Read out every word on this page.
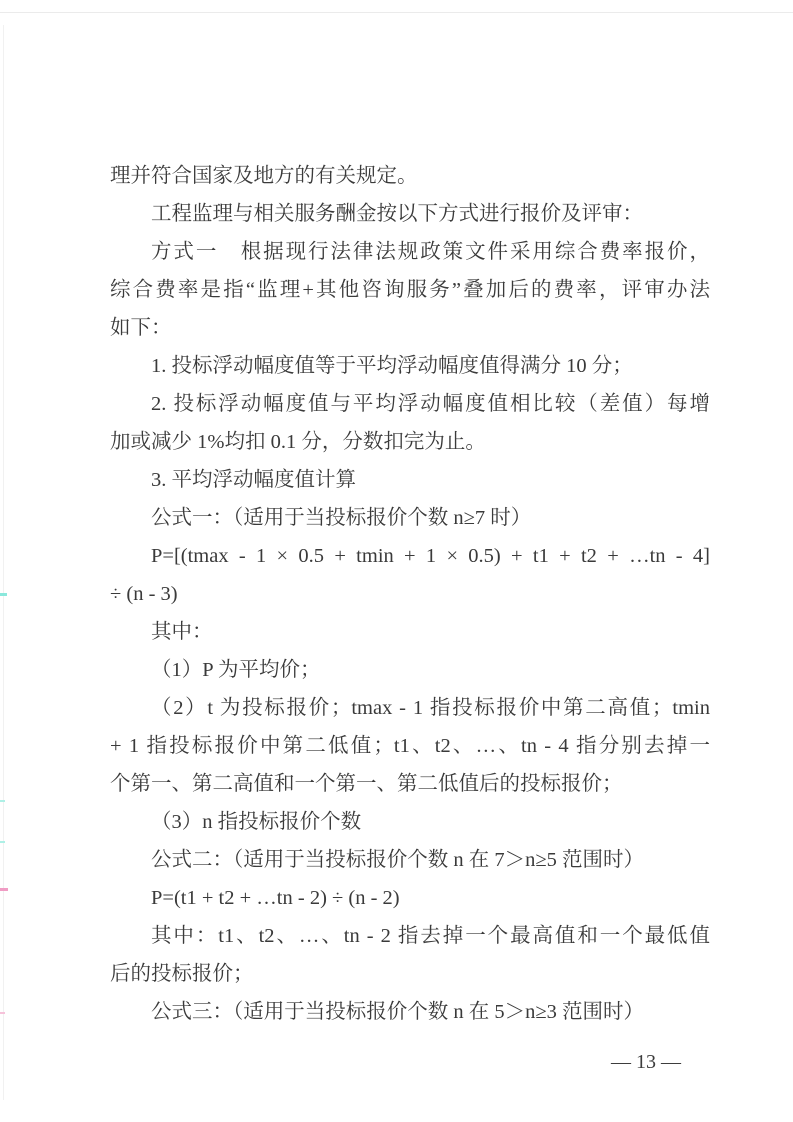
理并符合国家及地方的有关规定。
工程监理与相关服务酬金按以下方式进行报价及评审：
方式一　根据现行法律法规政策文件采用综合费率报价，
综合费率是指“监理+其他咨询服务”叠加后的费率，评审办法
如下：
1. 投标浮动幅度值等于平均浮动幅度值得满分 10 分；
2. 投标浮动幅度值与平均浮动幅度值相比较（差值）每增
加或减少 1%均扣 0.1 分，分数扣完为止。
3. 平均浮动幅度值计算
公式一：（适用于当投标报价个数 n≥7 时）
P=[(tmax - 1 × 0.5 + tmin + 1 × 0.5) + t1 + t2 + …tn - 4]
÷ (n - 3)
其中：
（1）P 为平均价；
（2）t 为投标报价；tmax - 1 指投标报价中第二高值；tmin
+ 1 指投标报价中第二低值；t1、t2、…、tn - 4 指分别去掉一
个第一、第二高值和一个第一、第二低值后的投标报价；
（3）n 指投标报价个数
公式二：（适用于当投标报价个数 n 在 7＞n≥5 范围时）
P=(t1 + t2 + …tn - 2) ÷ (n - 2)
其中：t1、t2、…、tn - 2 指去掉一个最高值和一个最低值
后的投标报价；
公式三：（适用于当投标报价个数 n 在 5＞n≥3 范围时）
— 13 —
